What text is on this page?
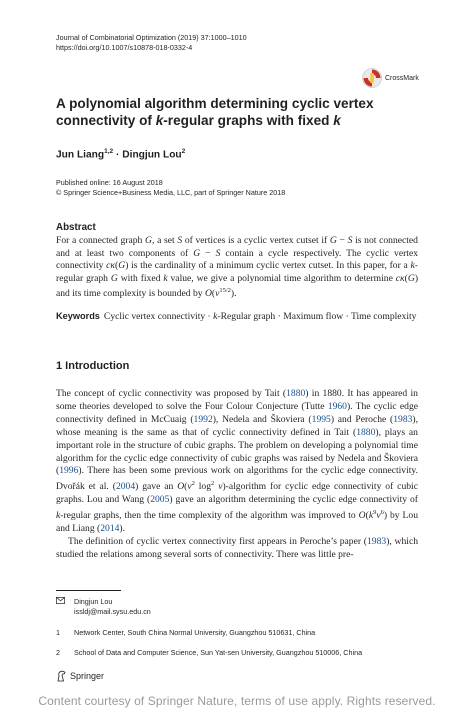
Journal of Combinatorial Optimization (2019) 37:1000–1010
https://doi.org/10.1007/s10878-018-0332-4
CrossMark
A polynomial algorithm determining cyclic vertex connectivity of k-regular graphs with fixed k
Jun Liang$^{1,2}$ · Dingjun Lou$^2$
Published online: 16 August 2018
© Springer Science+Business Media, LLC, part of Springer Nature 2018
Abstract
For a connected graph G, a set S of vertices is a cyclic vertex cutset if G − S is not connected and at least two components of G − S contain a cycle respectively. The cyclic vertex connectivity cκ(G) is the cardinality of a minimum cyclic vertex cutset. In this paper, for a k-regular graph G with fixed k value, we give a polynomial time algorithm to determine cκ(G) and its time complexity is bounded by $O(v^{15/2})$.
Keywords Cyclic vertex connectivity · k-Regular graph · Maximum flow · Time complexity
1 Introduction

The concept of cyclic connectivity was proposed by Tait (1880) in 1880. It has appeared in some theories developed to solve the Four Colour Conjecture (Tutte 1960). The cyclic edge connectivity defined in McCuaig (1992), Nedela and Škoviera (1995) and Peroche (1983), whose meaning is the same as that of cyclic connectivity defined in Tait (1880), plays an important role in the structure of cubic graphs. The problem on developing a polynomial time algorithm for the cyclic edge connectivity of cubic graphs was raised by Nedela and Škoviera (1996). There has been some previous work on algorithms for the cyclic edge connectivity. Dvořák et al. (2004) gave an $O(v^2$ $\log^2$ v)-algorithm for cyclic edge connectivity of cubic graphs. Lou and Wang (2005) gave an algorithm determining the cyclic edge connectivity of k-regular graphs, then the time complexity of the algorithm was improved to $O(k^9v^6)$ by Lou and Liang (2014).

The definition of cyclic vertex connectivity first appears in Peroche’s paper (1983), which studied the relations among several sorts of connectivity. There was little pre-

Dingjun Lou
issldj@mail.sysu.edu.cn
1	Network Center, South China Normal University, Guangzhou 510631, China
2	School of Data and Computer Science, Sun Yat-sen University, Guangzhou 510006, China
Springer
Content courtesy of Springer Nature, terms of use apply. Rights reserved.
